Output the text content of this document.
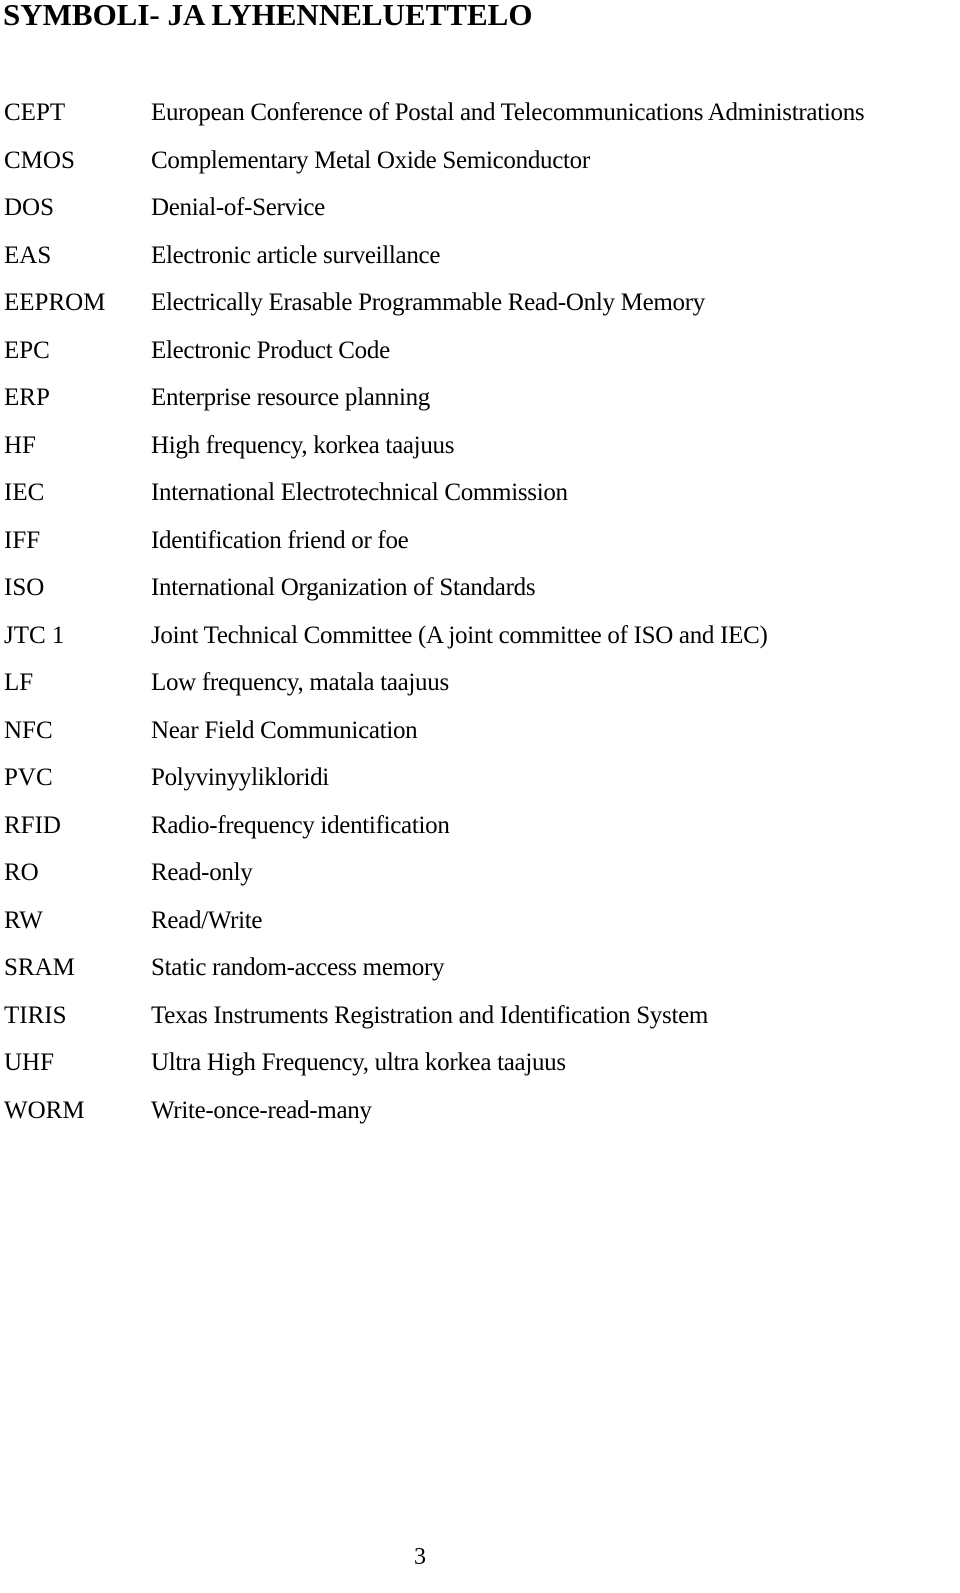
SYMBOLI- JA LYHENNELUETTELO
CEPT	European Conference of Postal and Telecommunications Administrations
CMOS	Complementary Metal Oxide Semiconductor
DOS	Denial-of-Service
EAS	Electronic article surveillance
EEPROM Electrically Erasable Programmable Read-Only Memory
EPC	Electronic Product Code
ERP	Enterprise resource planning
HF	High frequency, korkea taajuus
IEC	International Electrotechnical Commission
IFF	Identification friend or foe
ISO	International Organization of Standards
JTC 1	Joint Technical Committee (A joint committee of ISO and IEC)
LF	Low frequency, matala taajuus
NFC	Near Field Communication
PVC	Polyvinyylikloridi
RFID	Radio-frequency identification
RO	Read-only
RW	Read/Write
SRAM	Static random-access memory
TIRIS	Texas Instruments Registration and Identification System
UHF	Ultra High Frequency, ultra korkea taajuus
WORM	Write-once-read-many
3
